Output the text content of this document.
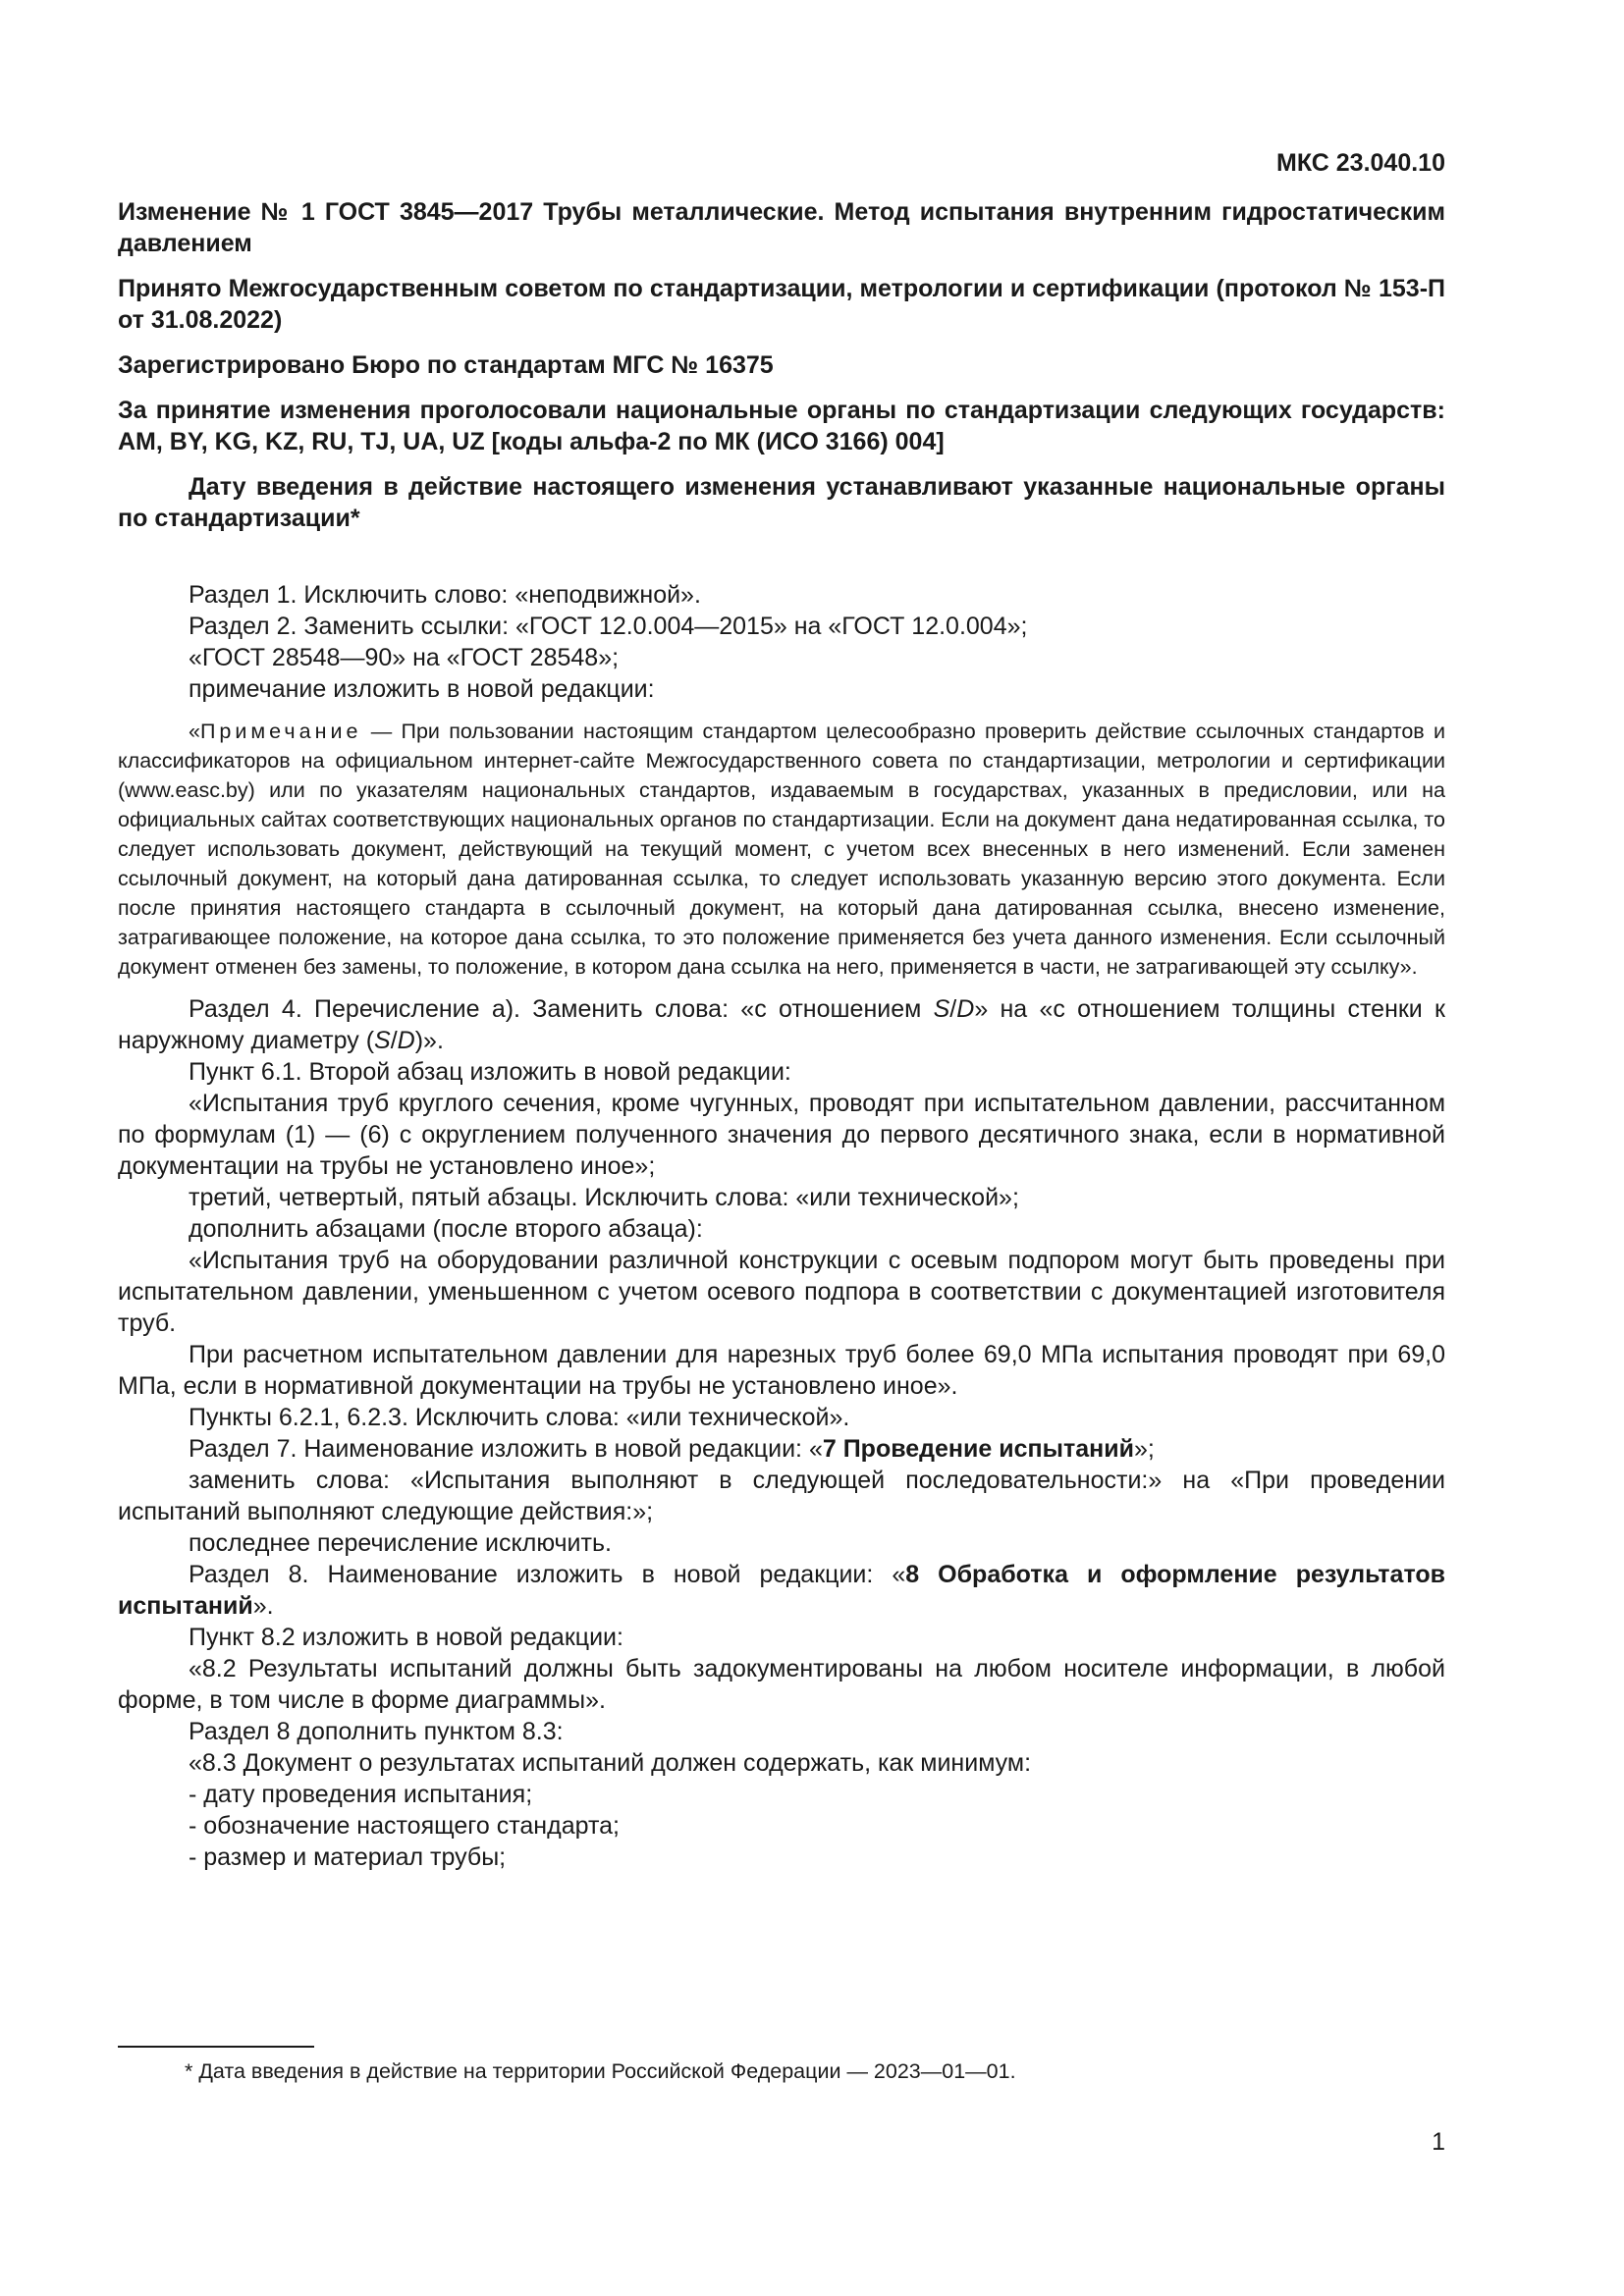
МКС 23.040.10

Изменение № 1 ГОСТ 3845—2017 Трубы металлические. Метод испытания внутренним гидростатическим давлением

Принято Межгосударственным советом по стандартизации, метрологии и сертификации (протокол № 153-П от 31.08.2022)

Зарегистрировано Бюро по стандартам МГС № 16375

За принятие изменения проголосовали национальные органы по стандартизации следующих государств: AM, BY, KG, KZ, RU, TJ, UA, UZ [коды альфа-2 по МК (ИСО 3166) 004]

Дату введения в действие настоящего изменения устанавливают указанные национальные органы по стандартизации*

Раздел 1. Исключить слово: «неподвижной».

Раздел 2. Заменить ссылки: «ГОСТ 12.0.004—2015» на «ГОСТ 12.0.004»;

«ГОСТ 28548—90» на «ГОСТ 28548»;

примечание изложить в новой редакции:

«Примечание — При пользовании настоящим стандартом целесообразно проверить действие ссылочных стандартов и классификаторов на официальном интернет-сайте Межгосударственного совета по стандартизации, метрологии и сертификации (www.easc.by) или по указателям национальных стандартов, издаваемым в государствах, указанных в предисловии, или на официальных сайтах соответствующих национальных органов по стандартизации. Если на документ дана недатированная ссылка, то следует использовать документ, действующий на текущий момент, с учетом всех внесенных в него изменений. Если заменен ссылочный документ, на который дана датированная ссылка, то следует использовать указанную версию этого документа. Если после принятия настоящего стандарта в ссылочный документ, на который дана датированная ссылка, внесено изменение, затрагивающее положение, на которое дана ссылка, то это положение применяется без учета данного изменения. Если ссылочный документ отменен без замены, то положение, в котором дана ссылка на него, применяется в части, не затрагивающей эту ссылку».

Раздел 4. Перечисление а). Заменить слова: «с отношением S/D» на «с отношением толщины стенки к наружному диаметру (S/D)».

Пункт 6.1. Второй абзац изложить в новой редакции:

«Испытания труб круглого сечения, кроме чугунных, проводят при испытательном давлении, рассчитанном по формулам (1) — (6) с округлением полученного значения до первого десятичного знака, если в нормативной документации на трубы не установлено иное»;

третий, четвертый, пятый абзацы. Исключить слова: «или технической»;

дополнить абзацами (после второго абзаца):

«Испытания труб на оборудовании различной конструкции с осевым подпором могут быть проведены при испытательном давлении, уменьшенном с учетом осевого подпора в соответствии с документацией изготовителя труб.

При расчетном испытательном давлении для нарезных труб более 69,0 МПа испытания проводят при 69,0 МПа, если в нормативной документации на трубы не установлено иное».

Пункты 6.2.1, 6.2.3. Исключить слова: «или технической».

Раздел 7. Наименование изложить в новой редакции: «7 Проведение испытаний»;

заменить слова: «Испытания выполняют в следующей последовательности:» на «При проведении испытаний выполняют следующие действия:»;

последнее перечисление исключить.

Раздел 8. Наименование изложить в новой редакции: «8 Обработка и оформление результатов испытаний».

Пункт 8.2 изложить в новой редакции:

«8.2 Результаты испытаний должны быть задокументированы на любом носителе информации, в любой форме, в том числе в форме диаграммы».

Раздел 8 дополнить пунктом 8.3:

«8.3 Документ о результатах испытаний должен содержать, как минимум:

- дату проведения испытания;

- обозначение настоящего стандарта;

- размер и материал трубы;

* Дата введения в действие на территории Российской Федерации — 2023—01—01.
1
